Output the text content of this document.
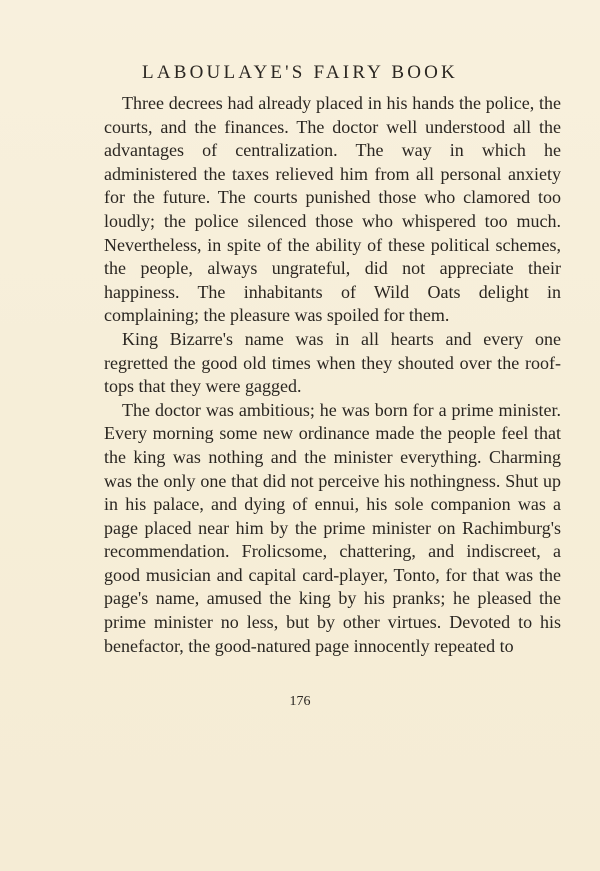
LABOULAYE'S FAIRY BOOK

Three decrees had already placed in his hands the police, the courts, and the finances. The doctor well understood all the advantages of centralization. The way in which he administered the taxes relieved him from all personal anxiety for the future. The courts punished those who clamored too loudly; the police silenced those who whispered too much. Nevertheless, in spite of the ability of these political schemes, the people, always ungrateful, did not appreciate their happiness. The inhabitants of Wild Oats delight in complaining; the pleasure was spoiled for them.

King Bizarre's name was in all hearts and every one regretted the good old times when they shouted over the roof-tops that they were gagged.

The doctor was ambitious; he was born for a prime minister. Every morning some new ordinance made the people feel that the king was nothing and the minister everything. Charming was the only one that did not perceive his nothingness. Shut up in his palace, and dying of ennui, his sole companion was a page placed near him by the prime minister on Rachimburg's recommendation. Frolicsome, chattering, and indiscreet, a good musician and capital card-player, Tonto, for that was the page's name, amused the king by his pranks; he pleased the prime minister no less, but by other virtues. Devoted to his benefactor, the good-natured page innocently repeated to

176
